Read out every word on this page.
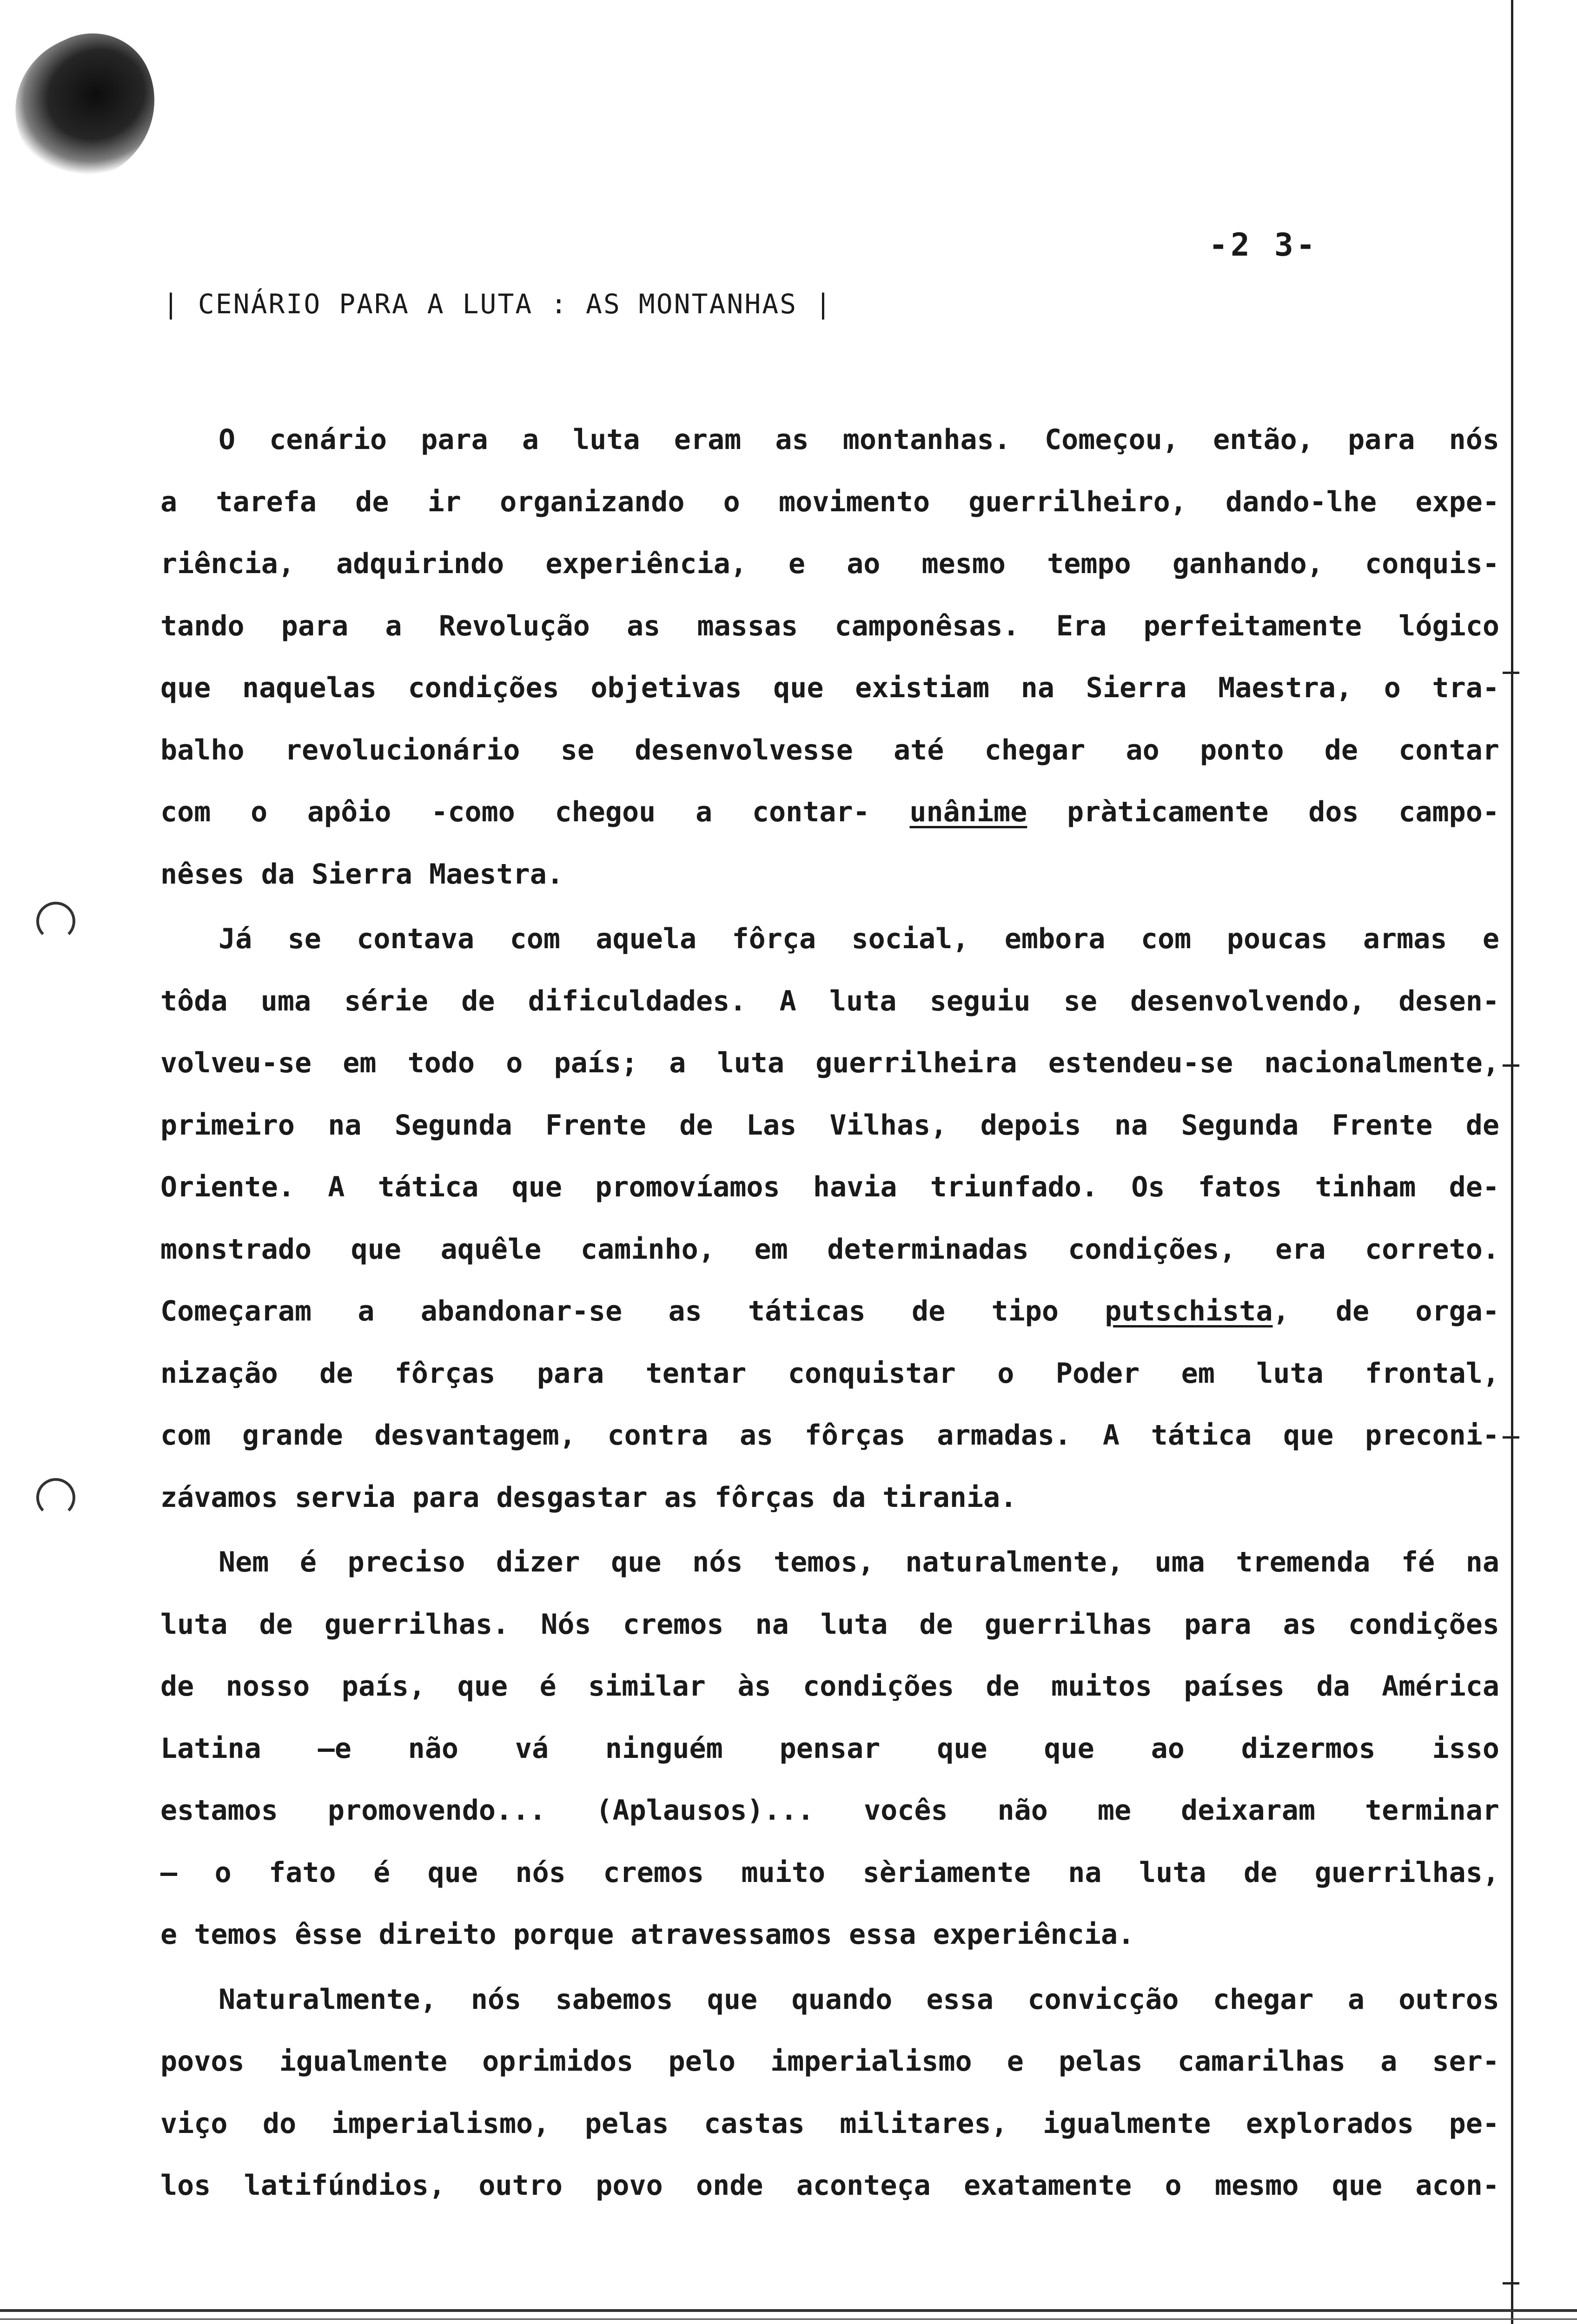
-2 3-
| CENÁRIO PARA A LUTA : AS MONTANHAS |

O cenário para a luta eram as montanhas. Começou, então, para nós
a tarefa de ir organizando o movimento guerrilheiro, dando-lhe expe-
riência, adquirindo experiência, e ao mesmo tempo ganhando, conquis-
tando para a Revolução as massas camponêsas. Era perfeitamente lógico
que naquelas condições objetivas que existiam na Sierra Maestra, o tra-
balho revolucionário se desenvolvesse até chegar ao ponto de contar
com o apôio -como chegou a contar- unânime pràticamente dos campo-
nêses da Sierra Maestra.

Já se contava com aquela fôrça social, embora com poucas armas e
tôda uma série de dificuldades. A luta seguiu se desenvolvendo, desen-
volveu-se em todo o país; a luta guerrilheira estendeu-se nacionalmente,
primeiro na Segunda Frente de Las Vilhas, depois na Segunda Frente de
Oriente. A tática que promovíamos havia triunfado. Os fatos tinham de-
monstrado que aquêle caminho, em determinadas condições, era correto.
Começaram a abandonar-se as táticas de tipo putschista, de orga-
nização de fôrças para tentar conquistar o Poder em luta frontal,
com grande desvantagem, contra as fôrças armadas. A tática que preconi-
závamos servia para desgastar as fôrças da tirania.

Nem é preciso dizer que nós temos, naturalmente, uma tremenda fé na
luta de guerrilhas. Nós cremos na luta de guerrilhas para as condições
de nosso país, que é similar às condições de muitos países da América
Latina —e não vá ninguém pensar que que ao dizermos isso
estamos promovendo... (Aplausos)... vocês não me deixaram terminar
— o fato é que nós cremos muito sèriamente na luta de guerrilhas,
e temos êsse direito porque atravessamos essa experiência.

Naturalmente, nós sabemos que quando essa convicção chegar a outros
povos igualmente oprimidos pelo imperialismo e pelas camarilhas a ser-
viço do imperialismo, pelas castas militares, igualmente explorados pe-
los latifúndios, outro povo onde aconteça exatamente o mesmo que acon-
